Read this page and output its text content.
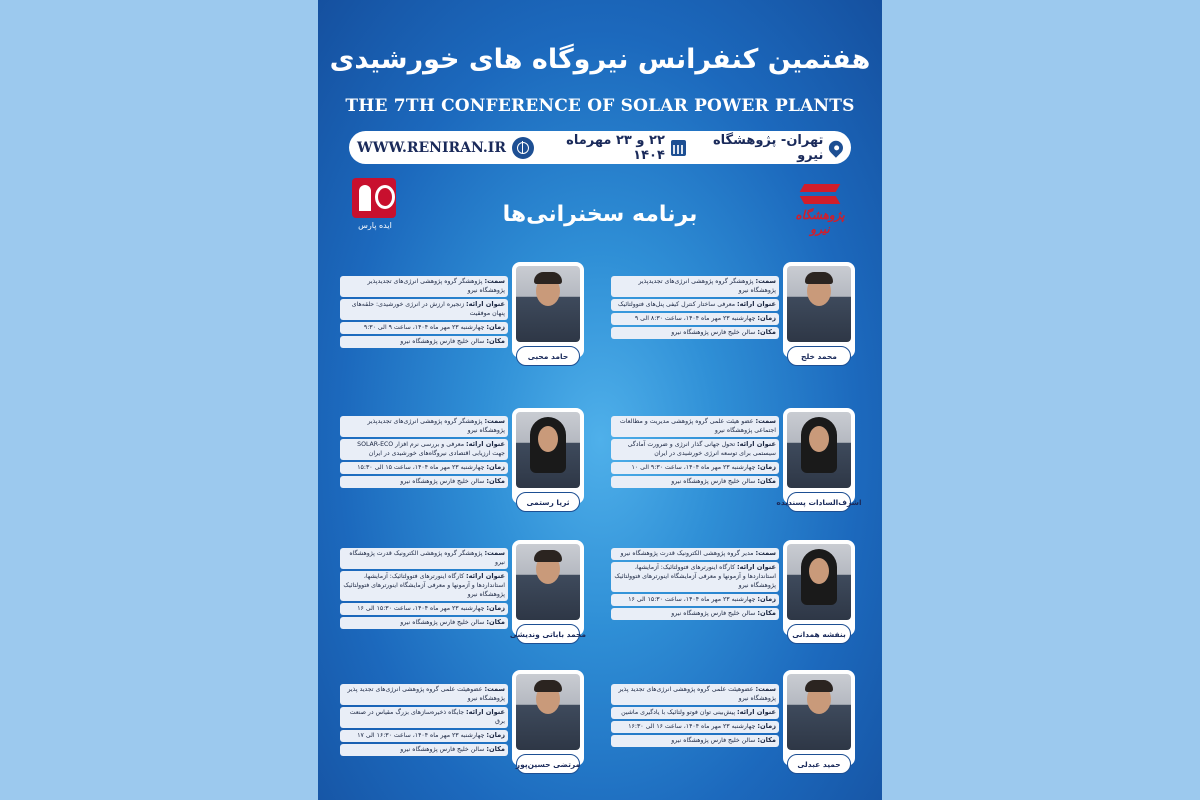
هفتمین کنفرانس نیروگاه های خورشیدی
THE 7TH CONFERENCE OF SOLAR POWER PLANTS
تهران- پژوهشگاه نیرو
۲۲ و ۲۳ مهرماه ۱۴۰۴
WWW.RENIRAN.IR
ایده پارس
پژوهشگاه نیرو
برنامه سخنرانی‌ها
محمد خلج
سمت: پژوهشگر گروه پژوهشی انرژی‌های تجدیدپذیر پژوهشگاه نیرو
عنوان ارائه: معرفی ساختار کنترل کیفی پنل‌های فتوولتائیک
زمان: چهارشنبه ۲۳ مهر ماه ۱۴۰۴، ساعت ۸:۳۰ الی ۹
مکان: سالن خلیج فارس پژوهشگاه نیرو
حامد محبی
سمت: پژوهشگر گروه پژوهشی انرژی‌های تجدیدپذیر پژوهشگاه نیرو
عنوان ارائه: زنجیره ارزش در انرژی خورشیدی: حلقه‌های پنهان موفقیت
زمان: چهارشنبه ۲۳ مهر ماه ۱۴۰۴، ساعت ۹ الی ۹:۳۰
مکان: سالن خلیج فارس پژوهشگاه نیرو
اشرف‌السادات پسندیده
سمت: عضو هیئت علمی گروه پژوهشی مدیریت و مطالعات اجتماعی پژوهشگاه نیرو
عنوان ارائه: تحول جهانی گذار انرژی و ضرورت آمادگی سیستمی برای توسعه انرژی خورشیدی در ایران
زمان: چهارشنبه ۲۳ مهر ماه ۱۴۰۴، ساعت ۹:۳۰ الی ۱۰
مکان: سالن خلیج فارس پژوهشگاه نیرو
ثریا رستمی
سمت: پژوهشگر گروه پژوهشی انرژی‌های تجدیدپذیر پژوهشگاه نیرو
عنوان ارائه: معرفی و بررسی نرم افزار SOLAR-ECO جهت ارزیابی اقتصادی نیروگاه‌های خورشیدی در ایران
زمان: چهارشنبه ۲۳ مهر ماه ۱۴۰۴، ساعت ۱۵ الی ۱۵:۳۰
مکان: سالن خلیج فارس پژوهشگاه نیرو
بنفشه همدانی
سمت: مدیر گروه پژوهشی الکترونیک قدرت پژوهشگاه نیرو
عنوان ارائه: کارگاه اینورترهای فتوولتائیک: آزمایشها، استانداردها و آزمونها و معرفی آزمایشگاه اینورترهای فتوولتائیک پژوهشگاه نیرو
زمان: چهارشنبه ۲۳ مهر ماه ۱۴۰۴، ساعت ۱۵:۳۰ الی ۱۶
مکان: سالن خلیج فارس پژوهشگاه نیرو
محمد باباتی وندیشی
سمت: پژوهشگر گروه پژوهشی الکترونیک قدرت پژوهشگاه نیرو
عنوان ارائه: کارگاه اینورترهای فتوولتائیک: آزمایشها، استانداردها و آزمونها و معرفی آزمایشگاه اینورترهای فتوولتائیک پژوهشگاه نیرو
زمان: چهارشنبه ۲۳ مهر ماه ۱۴۰۴، ساعت ۱۵:۳۰ الی ۱۶
مکان: سالن خلیج فارس پژوهشگاه نیرو
حمید عبدلی
سمت: عضوهیئت علمی گروه پژوهشی انرژی‌های تجدید پذیر پژوهشگاه نیرو
عنوان ارائه: پیش‌بینی توان فوتو ولتائیک با یادگیری ماشین
زمان: چهارشنبه ۲۳ مهر ماه ۱۴۰۴، ساعت ۱۶ الی ۱۶:۳۰
مکان: سالن خلیج فارس پژوهشگاه نیرو
مرتضی حسین‌پور
سمت: عضوهیئت علمی گروه پژوهشی انرژی‌های تجدید پذیر پژوهشگاه نیرو
عنوان ارائه: جایگاه ذخیره‌سازهای بزرگ مقیاس در صنعت برق
زمان: چهارشنبه ۲۳ مهر ماه ۱۴۰۴، ساعت ۱۶:۳۰ الی ۱۷
مکان: سالن خلیج فارس پژوهشگاه نیرو
